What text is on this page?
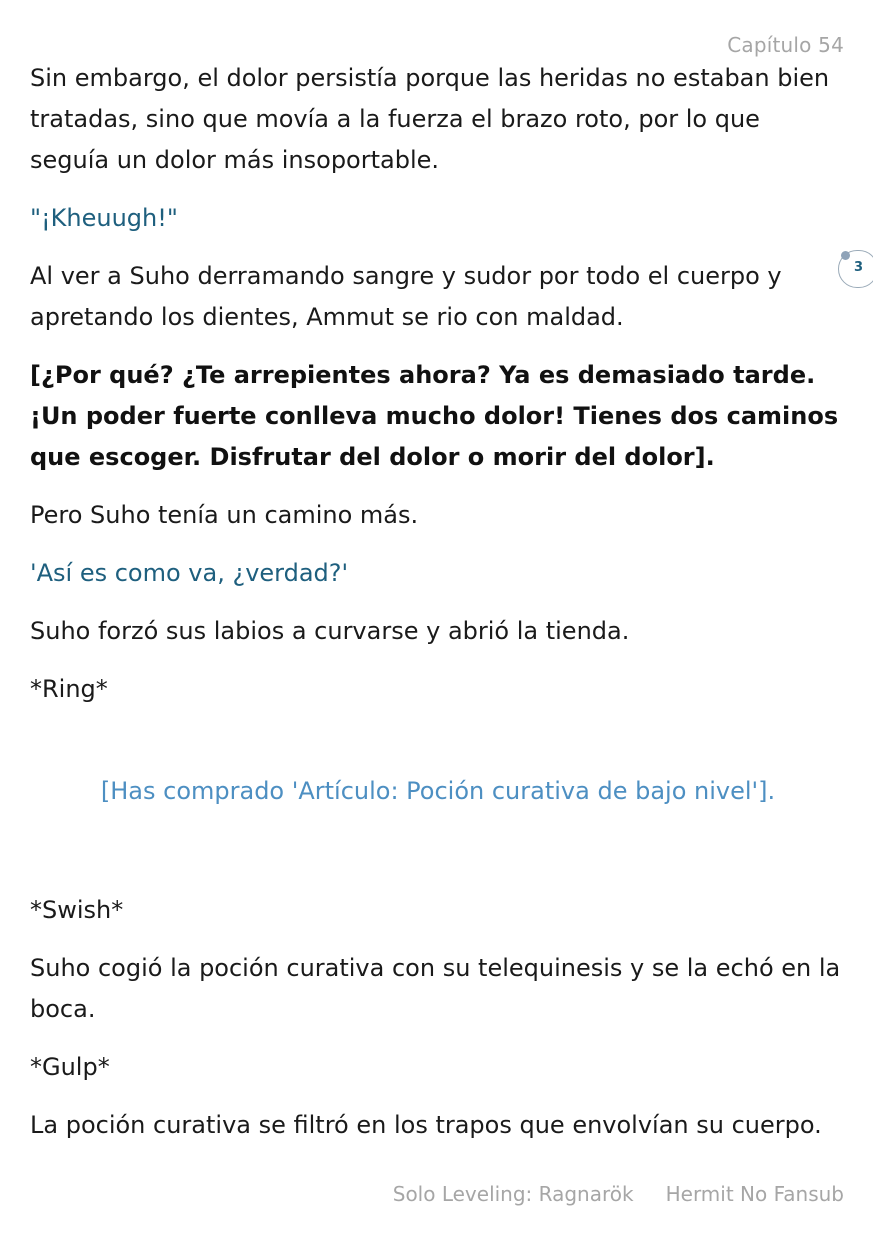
Capítulo 54

Sin embargo, el dolor persistía porque las heridas no estaban bien tratadas, sino que movía a la fuerza el brazo roto, por lo que seguía un dolor más insoportable.

"¡Kheuugh!"

Al ver a Suho derramando sangre y sudor por todo el cuerpo y apretando los dientes, Ammut se rio con maldad.

[¿Por qué? ¿Te arrepientes ahora? Ya es demasiado tarde. ¡Un poder fuerte conlleva mucho dolor! Tienes dos caminos que escoger. Disfrutar del dolor o morir del dolor].

Pero Suho tenía un camino más.

'Así es como va, ¿verdad?'

Suho forzó sus labios a curvarse y abrió la tienda.

*Ring*

[Has comprado 'Artículo: Poción curativa de bajo nivel'].

*Swish*

Suho cogió la poción curativa con su telequinesis y se la echó en la boca.

*Gulp*

La poción curativa se filtró en los trapos que envolvían su cuerpo.

3
Solo Leveling: Ragnarök Hermit No Fansub
